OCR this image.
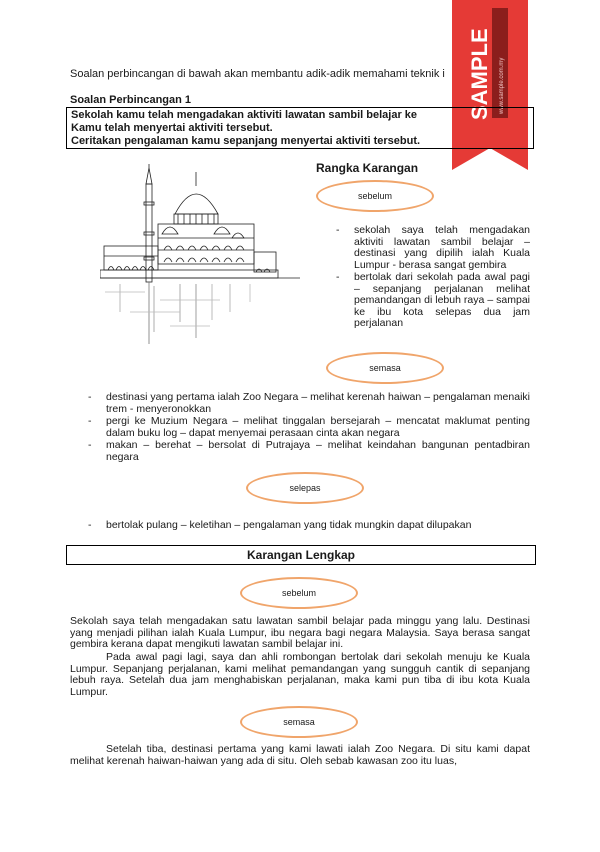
SAMPLE www.sample.com.my
Soalan perbincangan di bawah akan membantu adik-adik memahami teknik i
Soalan Perbincangan 1
Sekolah kamu telah mengadakan aktiviti lawatan sambil belajar ke
Kamu telah menyertai aktiviti tersebut.
Ceritakan pengalaman kamu sepanjang menyertai aktiviti tersebut.
Rangka Karangan
sebelum
- sekolah saya telah mengadakan aktiviti lawatan sambil belajar – destinasi yang dipilih ialah Kuala Lumpur - berasa sangat gembira
- bertolak dari sekolah pada awal pagi – sepanjang perjalanan melihat pemandangan di lebuh raya – sampai ke ibu kota selepas dua jam perjalanan
semasa
- destinasi yang pertama ialah Zoo Negara – melihat kerenah haiwan – pengalaman menaiki trem - menyeronokkan
- pergi ke Muzium Negara – melihat tinggalan bersejarah – mencatat maklumat penting dalam buku log – dapat menyemai perasaan cinta akan negara
- makan – berehat – bersolat di Putrajaya – melihat keindahan bangunan pentadbiran negara
selepas
- bertolak pulang – keletihan – pengalaman yang tidak mungkin dapat dilupakan
Karangan Lengkap
sebelum

Sekolah saya telah mengadakan satu lawatan sambil belajar pada minggu yang lalu. Destinasi yang menjadi pilihan ialah Kuala Lumpur, ibu negara bagi negara Malaysia. Saya berasa sangat gembira kerana dapat mengikuti lawatan sambil belajar ini.

Pada awal pagi lagi, saya dan ahli rombongan bertolak dari sekolah menuju ke Kuala Lumpur. Sepanjang perjalanan, kami melihat pemandangan yang sungguh cantik di sepanjang lebuh raya. Setelah dua jam menghabiskan perjalanan, maka kami pun tiba di ibu kota Kuala Lumpur.

semasa

Setelah tiba, destinasi pertama yang kami lawati ialah Zoo Negara. Di situ kami dapat melihat kerenah haiwan-haiwan yang ada di situ. Oleh sebab kawasan zoo itu luas,
